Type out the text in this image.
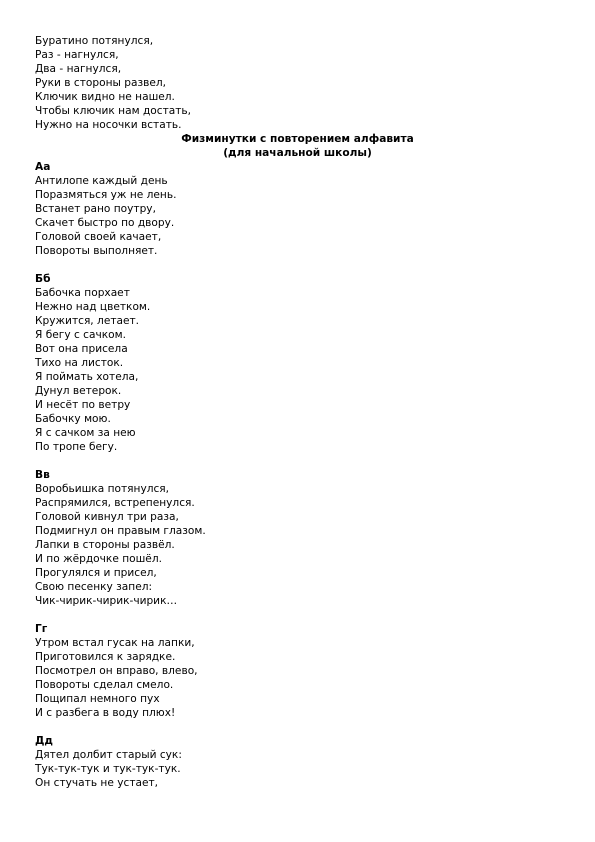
Буратино потянулся,
Раз - нагнулся,
Два - нагнулся,
Руки в стороны развел,
Ключик видно не нашел.
Чтобы ключик нам достать,
Нужно на носочки встать.
Физминутки с повторением алфавита
(для начальной школы)
Аа
Антилопе каждый день
Поразмяться уж не лень.
Встанет рано поутру,
Скачет быстро по двору.
Головой своей качает,
Повороты выполняет.
Бб
Бабочка порхает
Нежно над цветком.
Кружится, летает.
Я бегу с сачком.
Вот она присела
Тихо на листок.
Я поймать хотела,
Дунул ветерок.
И несёт по ветру
Бабочку мою.
Я с сачком за нею
По тропе бегу.
Вв
Воробьишка потянулся,
Распрямился, встрепенулся.
Головой кивнул три раза,
Подмигнул он правым глазом.
Лапки в стороны развёл.
И по жёрдочке пошёл.
Прогулялся и присел,
Свою песенку запел:
Чик-чирик-чирик-чирик…
Гг
Утром встал гусак на лапки,
Приготовился к зарядке.
Посмотрел он вправо, влево,
Повороты сделал смело.
Пощипал немного пух
И с разбега в воду плюх!
Дд
Дятел долбит старый сук:
Тук-тук-тук и тук-тук-тук.
Он стучать не устает,
